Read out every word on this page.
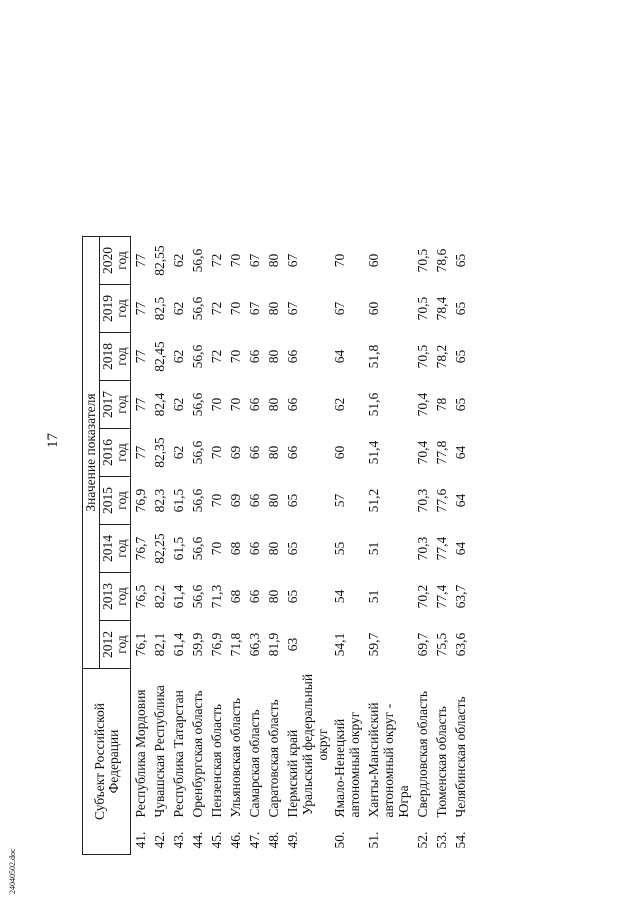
17
24040502.doc
Субъект Российской Федерации		Значение показателя								
		2012 год	2013 год	2014 год	2015 год	2016 год	2017 год	2018 год	2019 год	2020 год
41.	Республика Мордовия	76,1	76,5	76,7	76,9	77	77	77	77	77
42.	Чувашская Республика	82,1	82,2	82,25	82,3	82,35	82,4	82,45	82,5	82,55
43.	Республика Татарстан	61,4	61,4	61,5	61,5	62	62	62	62	62
44.	Оренбургская область	59,9	56,6	56,6	56,6	56,6	56,6	56,6	56,6	56,6
45.	Пензенская область	76,9	71,3	70	70	70	70	72	72	72
46.	Ульяновская область	71,8	68	68	69	69	70	70	70	70
47.	Самарская область	66,3	66	66	66	66	66	66	67	67
48.	Саратовская область	81,9	80	80	80	80	80	80	80	80
49.	Пермский край	63	65	65	65	66	66	66	67	67
	Уральский федеральный округ									
50.	Ямало-Ненецкий автономный округ	54,1	54	55	57	60	62	64	67	70
51.	Ханты-Мансийский автономный округ - Югра	59,7	51	51	51,2	51,4	51,6	51,8	60	60
52.	Свердловская область	69,7	70,2	70,3	70,3	70,4	70,4	70,5	70,5	70,5
53.	Тюменская область	75,5	77,4	77,4	77,6	77,8	78	78,2	78,4	78,6
54.	Челябинская область	63,6	63,7	64	64	64	65	65	65	65
